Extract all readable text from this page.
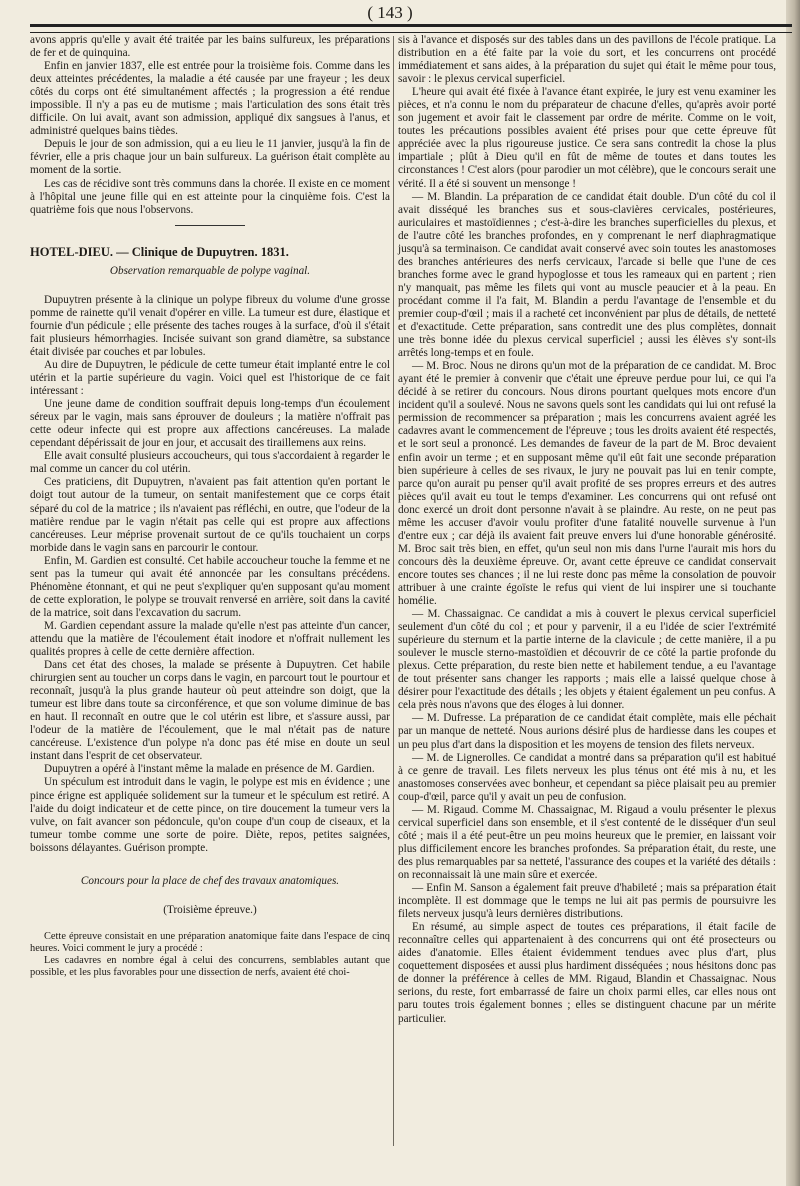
( 143 )

avons appris qu'elle y avait été traitée par les bains sulfureux, les préparations de fer et de quinquina.

Enfin en janvier 1837, elle est entrée pour la troisième fois. Comme dans les deux atteintes précédentes, la maladie a été causée par une frayeur ; les deux côtés du corps ont été simultanément affectés ; la progression a été rendue impossible. Il n'y a pas eu de mutisme ; mais l'articulation des sons était très difficile. On lui avait, avant son admission, appliqué dix sangsues à l'anus, et administré quelques bains tièdes.

Depuis le jour de son admission, qui a eu lieu le 11 janvier, jusqu'à la fin de février, elle a pris chaque jour un bain sulfureux. La guérison était complète au moment de la sortie.

Les cas de récidive sont très communs dans la chorée. Il existe en ce moment à l'hôpital une jeune fille qui en est atteinte pour la cinquième fois. C'est la quatrième fois que nous l'observons.

HOTEL-DIEU. — Clinique de Dupuytren. 1831.

Observation remarquable de polype vaginal.

Dupuytren présente à la clinique un polype fibreux du volume d'une grosse pomme de rainette qu'il venait d'opérer en ville. La tumeur est dure, élastique et fournie d'un pédicule ; elle présente des taches rouges à la surface, d'où il s'était fait plusieurs hémorrhagies. Incisée suivant son grand diamètre, sa substance était divisée par couches et par lobules.

Au dire de Dupuytren, le pédicule de cette tumeur était implanté entre le col utérin et la partie supérieure du vagin. Voici quel est l'historique de ce fait intéressant :

Une jeune dame de condition souffrait depuis long-temps d'un écoulement séreux par le vagin, mais sans éprouver de douleurs ; la matière n'offrait pas cette odeur infecte qui est propre aux affections cancéreuses. La malade cependant dépérissait de jour en jour, et accusait des tiraillemens aux reins.

Elle avait consulté plusieurs accoucheurs, qui tous s'accordaient à regarder le mal comme un cancer du col utérin.

Ces praticiens, dit Dupuytren, n'avaient pas fait attention qu'en portant le doigt tout autour de la tumeur, on sentait manifestement que ce corps était séparé du col de la matrice ; ils n'avaient pas réfléchi, en outre, que l'odeur de la matière rendue par le vagin n'était pas celle qui est propre aux affections cancéreuses. Leur méprise provenait surtout de ce qu'ils touchaient un corps morbide dans le vagin sans en parcourir le contour.

Enfin, M. Gardien est consulté. Cet habile accoucheur touche la femme et ne sent pas la tumeur qui avait été annoncée par les consultans précédens. Phénomène étonnant, et qui ne peut s'expliquer qu'en supposant qu'au moment de cette exploration, le polype se trouvait renversé en arrière, soit dans la cavité de la matrice, soit dans l'excavation du sacrum.

M. Gardien cependant assure la malade qu'elle n'est pas atteinte d'un cancer, attendu que la matière de l'écoulement était inodore et n'offrait nullement les qualités propres à celle de cette dernière affection.

Dans cet état des choses, la malade se présente à Dupuytren. Cet habile chirurgien sent au toucher un corps dans le vagin, en parcourt tout le pourtour et reconnaît, jusqu'à la plus grande hauteur où peut atteindre son doigt, que la tumeur est libre dans toute sa circonférence, et que son volume diminue de bas en haut. Il reconnaît en outre que le col utérin est libre, et s'assure aussi, par l'odeur de la matière de l'écoulement, que le mal n'était pas de nature cancéreuse. L'existence d'un polype n'a donc pas été mise en doute un seul instant dans l'esprit de cet observateur.

Dupuytren a opéré à l'instant même la malade en présence de M. Gardien.

Un spéculum est introduit dans le vagin, le polype est mis en évidence ; une pince érigne est appliquée solidement sur la tumeur et le spéculum est retiré. A l'aide du doigt indicateur et de cette pince, on tire doucement la tumeur vers la vulve, on fait avancer son pédoncule, qu'on coupe d'un coup de ciseaux, et la tumeur tombe comme une sorte de poire. Diète, repos, petites saignées, boissons délayantes. Guérison prompte.

Concours pour la place de chef des travaux anatomiques.

(Troisième épreuve.)

Cette épreuve consistait en une préparation anatomique faite dans l'espace de cinq heures. Voici comment le jury a procédé :

Les cadavres en nombre égal à celui des concurrens, semblables autant que possible, et les plus favorables pour une dissection de nerfs, avaient été choi-

sis à l'avance et disposés sur des tables dans un des pavillons de l'école pratique. La distribution en a été faite par la voie du sort, et les concurrens ont procédé immédiatement et sans aides, à la préparation du sujet qui était le même pour tous, savoir : le plexus cervical superficiel.

L'heure qui avait été fixée à l'avance étant expirée, le jury est venu examiner les pièces, et n'a connu le nom du préparateur de chacune d'elles, qu'après avoir porté son jugement et avoir fait le classement par ordre de mérite. Comme on le voit, toutes les précautions possibles avaient été prises pour que cette épreuve fût appréciée avec la plus rigoureuse justice. Ce sera sans contredit la chose la plus impartiale ; plût à Dieu qu'il en fût de même de toutes et dans toutes les circonstances ! C'est alors (pour parodier un mot célèbre), que le concours serait une vérité. Il a été si souvent un mensonge !

— M. Blandin. La préparation de ce candidat était double. D'un côté du col il avait disséqué les branches sus et sous-clavières cervicales, postérieures, auriculaires et mastoïdiennes ; c'est-à-dire les branches superficielles du plexus, et de l'autre côté les branches profondes, en y comprenant le nerf diaphragmatique jusqu'à sa terminaison. Ce candidat avait conservé avec soin toutes les anastomoses des branches antérieures des nerfs cervicaux, l'arcade si belle que l'une de ces branches forme avec le grand hypoglosse et tous les rameaux qui en partent ; rien n'y manquait, pas même les filets qui vont au muscle peaucier et à la peau. En procédant comme il l'a fait, M. Blandin a perdu l'avantage de l'ensemble et du premier coup-d'œil ; mais il a racheté cet inconvénient par plus de détails, de netteté et d'exactitude. Cette préparation, sans contredit une des plus complètes, donnait une très bonne idée du plexus cervical superficiel ; aussi les élèves s'y sont-ils arrêtés long-temps et en foule.

— M. Broc. Nous ne dirons qu'un mot de la préparation de ce candidat. M. Broc ayant été le premier à convenir que c'était une épreuve perdue pour lui, ce qui l'a décidé à se retirer du concours. Nous dirons pourtant quelques mots encore d'un incident qu'il a soulevé. Nous ne savons quels sont les candidats qui lui ont refusé la permission de recommencer sa préparation ; mais les concurrens avaient agréé les cadavres avant le commencement de l'épreuve ; tous les droits avaient été respectés, et le sort seul a prononcé. Les demandes de faveur de la part de M. Broc devaient enfin avoir un terme ; et en supposant même qu'il eût fait une seconde préparation bien supérieure à celles de ses rivaux, le jury ne pouvait pas lui en tenir compte, parce qu'on aurait pu penser qu'il avait profité de ses propres erreurs et des autres pièces qu'il avait eu tout le temps d'examiner. Les concurrens qui ont refusé ont donc exercé un droit dont personne n'avait à se plaindre. Au reste, on ne peut pas même les accuser d'avoir voulu profiter d'une fatalité nouvelle survenue à l'un d'entre eux ; car déjà ils avaient fait preuve envers lui d'une honorable générosité. M. Broc sait très bien, en effet, qu'un seul non mis dans l'urne l'aurait mis hors du concours dès la deuxième épreuve. Or, avant cette épreuve ce candidat conservait encore toutes ses chances ; il ne lui reste donc pas même la consolation de pouvoir attribuer à une crainte égoïste le refus qui vient de lui inspirer une si touchante homélie.

— M. Chassaignac. Ce candidat a mis à couvert le plexus cervical superficiel seulement d'un côté du col ; et pour y parvenir, il a eu l'idée de scier l'extrémité supérieure du sternum et la partie interne de la clavicule ; de cette manière, il a pu soulever le muscle sterno-mastoïdien et découvrir de ce côté la partie profonde du plexus. Cette préparation, du reste bien nette et habilement tendue, a eu l'avantage de tout présenter sans changer les rapports ; mais elle a laissé quelque chose à désirer pour l'exactitude des détails ; les objets y étaient également un peu confus. A cela près nous n'avons que des éloges à lui donner.

— M. Dufresse. La préparation de ce candidat était complète, mais elle péchait par un manque de netteté. Nous aurions désiré plus de hardiesse dans les coupes et un peu plus d'art dans la disposition et les moyens de tension des filets nerveux.

— M. de Lignerolles. Ce candidat a montré dans sa préparation qu'il est habitué à ce genre de travail. Les filets nerveux les plus ténus ont été mis à nu, et les anastomoses conservées avec bonheur, et cependant sa pièce plaisait peu au premier coup-d'œil, parce qu'il y avait un peu de confusion.

— M. Rigaud. Comme M. Chassaignac, M. Rigaud a voulu présenter le plexus cervical superficiel dans son ensemble, et il s'est contenté de le disséquer d'un seul côté ; mais il a été peut-être un peu moins heureux que le premier, en laissant voir plus difficilement encore les branches profondes. Sa préparation était, du reste, une des plus remarquables par sa netteté, l'assurance des coupes et la variété des détails : on reconnaissait là une main sûre et exercée.

— Enfin M. Sanson a également fait preuve d'habileté ; mais sa préparation était incomplète. Il est dommage que le temps ne lui ait pas permis de poursuivre les filets nerveux jusqu'à leurs dernières distributions.

En résumé, au simple aspect de toutes ces préparations, il était facile de reconnaître celles qui appartenaient à des concurrens qui ont été prosecteurs ou aides d'anatomie. Elles étaient évidemment tendues avec plus d'art, plus coquettement disposées et aussi plus hardiment disséquées ; nous hésitons donc pas de donner la préférence à celles de MM. Rigaud, Blandin et Chassaignac. Nous serions, du reste, fort embarrassé de faire un choix parmi elles, car elles nous ont paru toutes trois également bonnes ; elles se distinguent chacune par un mérite particulier.
